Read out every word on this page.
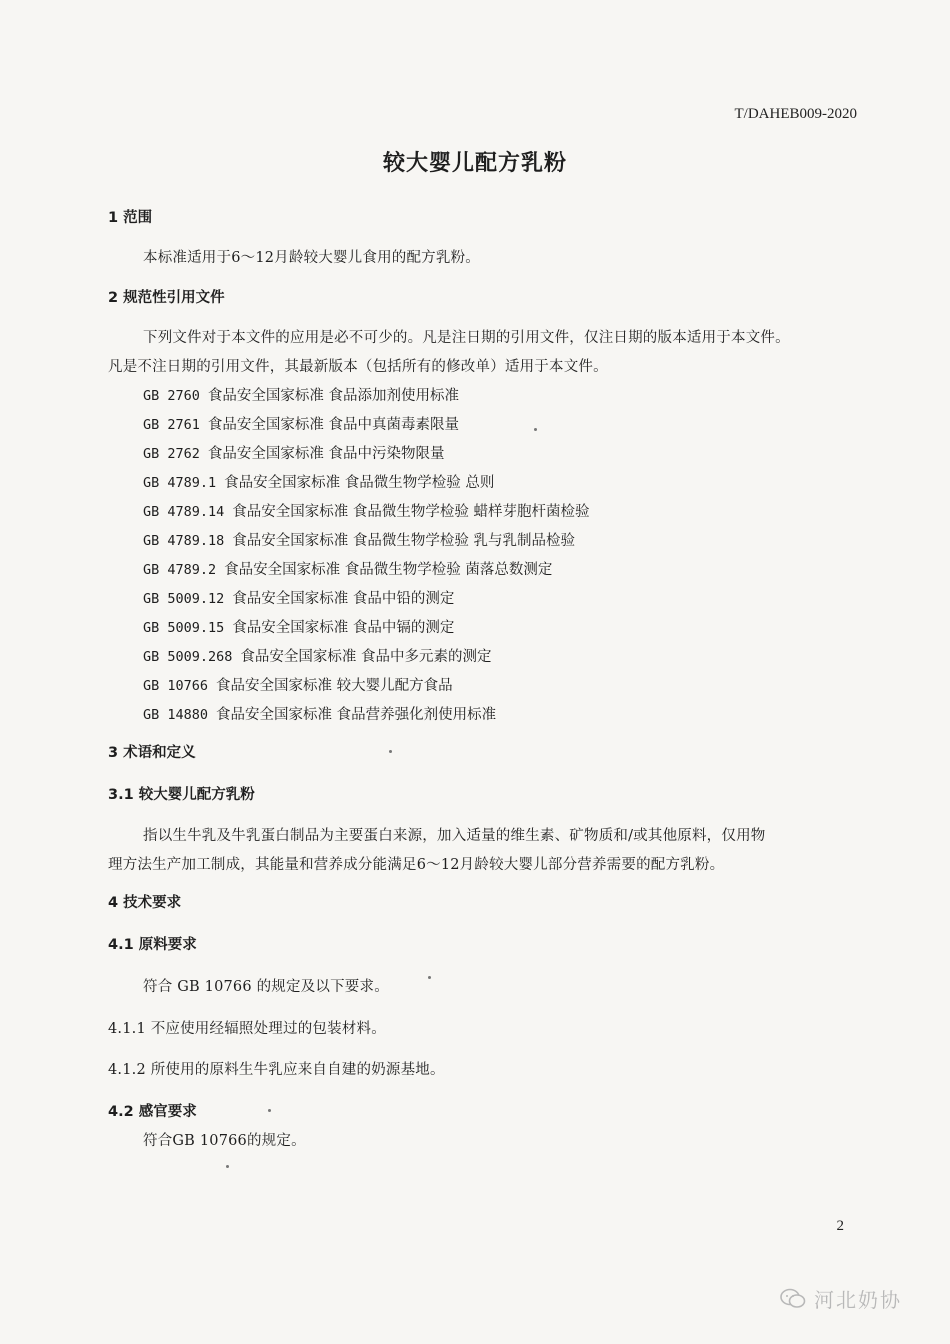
T/DAHEB009-2020
较大婴儿配方乳粉
1 范围
本标准适用于6～12月龄较大婴儿食用的配方乳粉。
2 规范性引用文件
下列文件对于本文件的应用是必不可少的。凡是注日期的引用文件，仅注日期的版本适用于本文件。
凡是不注日期的引用文件，其最新版本（包括所有的修改单）适用于本文件。
GB 2760 食品安全国家标准 食品添加剂使用标准
GB 2761 食品安全国家标准 食品中真菌毒素限量
GB 2762 食品安全国家标准 食品中污染物限量
GB 4789.1 食品安全国家标准 食品微生物学检验 总则
GB 4789.14 食品安全国家标准 食品微生物学检验 蜡样芽胞杆菌检验
GB 4789.18 食品安全国家标准 食品微生物学检验 乳与乳制品检验
GB 4789.2 食品安全国家标准 食品微生物学检验 菌落总数测定
GB 5009.12 食品安全国家标准 食品中铅的测定
GB 5009.15 食品安全国家标准 食品中镉的测定
GB 5009.268 食品安全国家标准 食品中多元素的测定
GB 10766 食品安全国家标准 较大婴儿配方食品
GB 14880 食品安全国家标准 食品营养强化剂使用标准
3 术语和定义
3.1 较大婴儿配方乳粉
指以生牛乳及牛乳蛋白制品为主要蛋白来源，加入适量的维生素、矿物质和/或其他原料，仅用物
理方法生产加工制成，其能量和营养成分能满足6～12月龄较大婴儿部分营养需要的配方乳粉。
4 技术要求
4.1 原料要求
符合 GB 10766 的规定及以下要求。
4.1.1 不应使用经辐照处理过的包装材料。
4.1.2 所使用的原料生牛乳应来自自建的奶源基地。
4.2 感官要求
符合GB 10766的规定。
2
河北奶协
